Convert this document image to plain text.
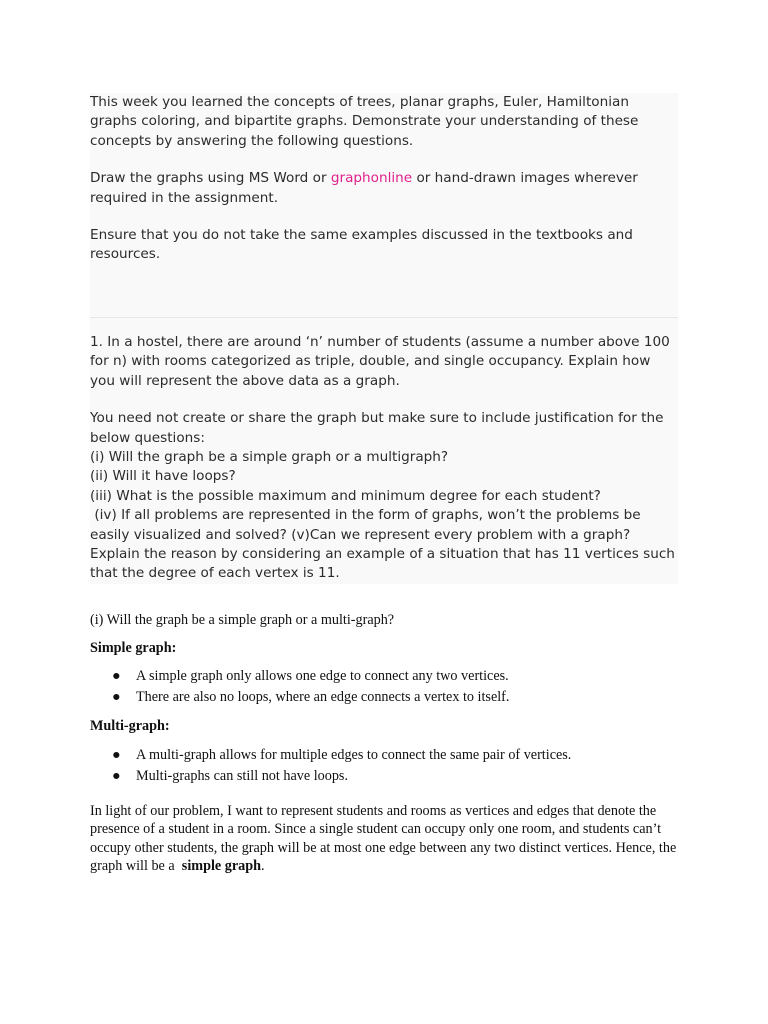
This week you learned the concepts of trees, planar graphs, Euler, Hamiltonian graphs coloring, and bipartite graphs. Demonstrate your understanding of these concepts by answering the following questions.

Draw the graphs using MS Word or graphonline or hand-drawn images wherever required in the assignment.

Ensure that you do not take the same examples discussed in the textbooks and resources.

1. In a hostel, there are around ‘n’ number of students (assume a number above 100 for n) with rooms categorized as triple, double, and single occupancy. Explain how you will represent the above data as a graph.

You need not create or share the graph but make sure to include justification for the below questions:

(i) Will the graph be a simple graph or a multigraph?

(ii) Will it have loops?

(iii) What is the possible maximum and minimum degree for each student?

(iv) If all problems are represented in the form of graphs, won’t the problems be easily visualized and solved? (v)Can we represent every problem with a graph? Explain the reason by considering an example of a situation that has 11 vertices such that the degree of each vertex is 11.

(i) Will the graph be a simple graph or a multi-graph?

Simple graph:

● A simple graph only allows one edge to connect any two vertices.
● There are also no loops, where an edge connects a vertex to itself.

Multi-graph:

● A multi-graph allows for multiple edges to connect the same pair of vertices.
● Multi-graphs can still not have loops.

In light of our problem, I want to represent students and rooms as vertices and edges that denote the presence of a student in a room. Since a single student can occupy only one room, and students can’t occupy other students, the graph will be at most one edge between any two distinct vertices. Hence, the graph will be a  simple graph.
